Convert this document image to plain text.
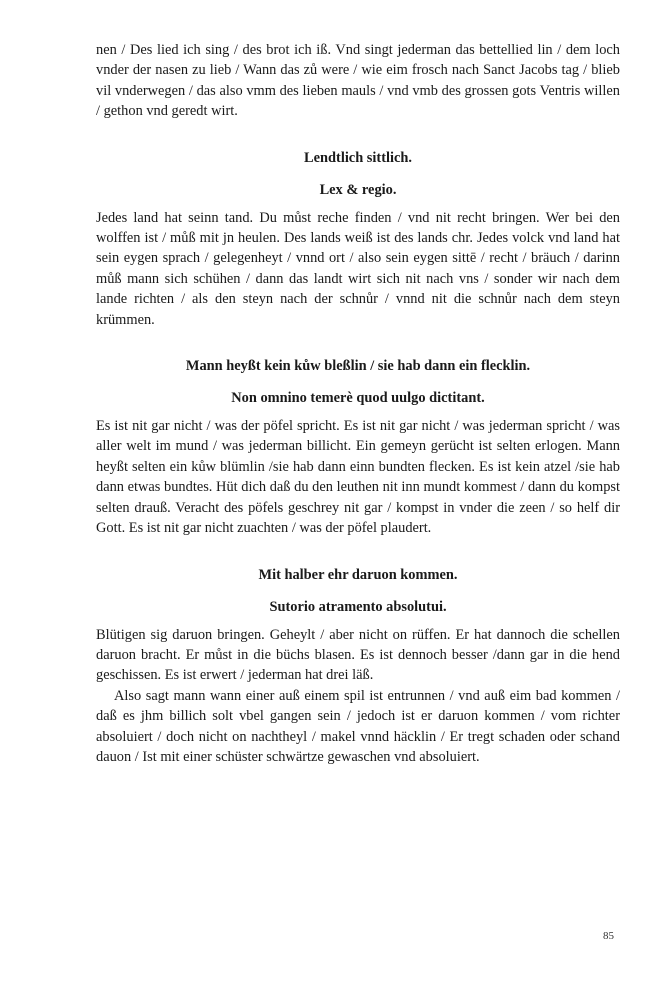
nen / Des lied ich sing / des brot ich iß. Vnd singt jederman das bettellied lin / dem loch vnder der nasen zu lieb / Wann das zů were / wie eim frosch nach Sanct Jacobs tag / blieb vil vnderwegen / das also vmm des lieben mauls / vnd vmb des grossen gots Ventris willen / gethon vnd geredt wirt.

Lendtlich sittlich.
Lex & regio.

Jedes land hat seinn tand. Du můst reche finden / vnd nit recht bringen. Wer bei den wolffen ist / můß mit jn heulen. Des lands weiß ist des lands chr. Jedes volck vnd land hat sein eygen sprach / gelegenheyt / vnnd ort / also sein eygen sittē / recht / bräuch / darinn můß mann sich schühen / dann das landt wirt sich nit nach vns / sonder wir nach dem lande richten / als den steyn nach der schnůr / vnnd nit die schnůr nach dem steyn krümmen.

Mann heyßt kein kůw bleßlin / sie hab dann ein flecklin.
Non omnino temerè quod uulgo dictitant.

Es ist nit gar nicht / was der pöfel spricht. Es ist nit gar nicht / was jederman spricht / was aller welt im mund / was jederman billicht. Ein gemeyn gerücht ist selten erlogen. Mann heyßt selten ein kůw blümlin /sie hab dann einn bundten flecken. Es ist kein atzel /sie hab dann etwas bundtes. Hüt dich daß du den leuthen nit inn mundt kommest / dann du kompst selten drauß. Veracht des pöfels geschrey nit gar / kompst in vnder die zeen / so helf dir Gott. Es ist nit gar nicht zuachten / was der pöfel plaudert.

Mit halber ehr daruon kommen.
Sutorio atramento absolutui.

Blütigen sig daruon bringen. Geheylt / aber nicht on rüffen. Er hat dannoch die schellen daruon bracht. Er můst in die büchs blasen. Es ist dennoch besser /dann gar in die hend geschissen. Es ist erwert / jederman hat drei läß.

Also sagt mann wann einer auß einem spil ist entrunnen / vnd auß eim bad kommen / daß es jhm billich solt vbel gangen sein / jedoch ist er daruon kommen / vom richter absoluiert / doch nicht on nachtheyl / makel vnnd häcklin / Er tregt schaden oder schand dauon / Ist mit einer schüster schwärtze gewaschen vnd absoluiert.

85
